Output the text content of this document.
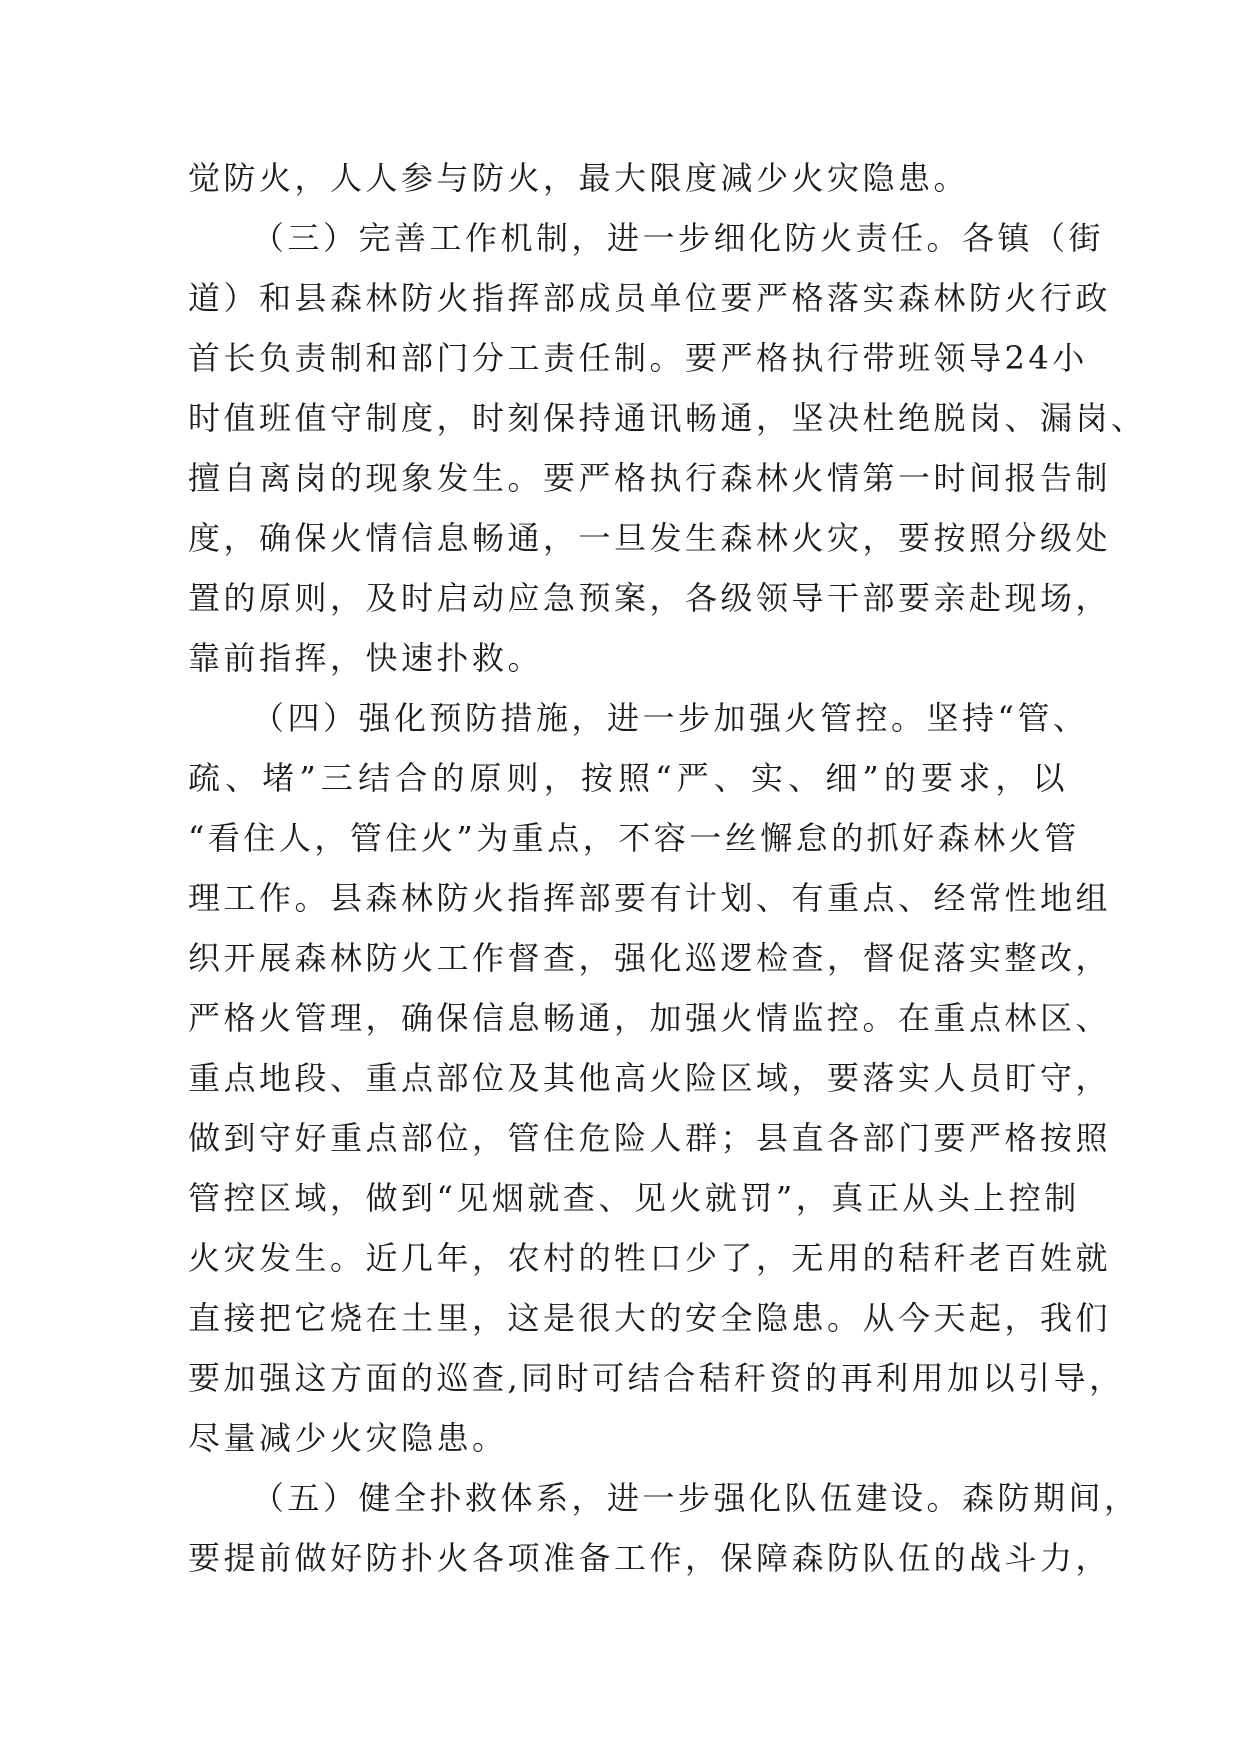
觉防火，人人参与防火，最大限度减少火灾隐患。
（三）完善工作机制，进一步细化防火责任。各镇（街
道）和县森林防火指挥部成员单位要严格落实森林防火行政
首长负责制和部门分工责任制。要严格执行带班领导24小
时值班值守制度，时刻保持通讯畅通，坚决杜绝脱岗、漏岗、
擅自离岗的现象发生。要严格执行森林火情第一时间报告制
度，确保火情信息畅通，一旦发生森林火灾，要按照分级处
置的原则，及时启动应急预案，各级领导干部要亲赴现场，
靠前指挥，快速扑救。
（四）强化预防措施，进一步加强火管控。坚持“管、
疏、堵”三结合的原则，按照“严、实、细”的要求，以
“看住人，管住火”为重点，不容一丝懈怠的抓好森林火管
理工作。县森林防火指挥部要有计划、有重点、经常性地组
织开展森林防火工作督查，强化巡逻检查，督促落实整改，
严格火管理，确保信息畅通，加强火情监控。在重点林区、
重点地段、重点部位及其他高火险区域，要落实人员盯守，
做到守好重点部位，管住危险人群；县直各部门要严格按照
管控区域，做到“见烟就查、见火就罚”，真正从头上控制
火灾发生。近几年，农村的牲口少了，无用的秸秆老百姓就
直接把它烧在土里，这是很大的安全隐患。从今天起，我们
要加强这方面的巡查,同时可结合秸秆资的再利用加以引导，
尽量减少火灾隐患。
（五）健全扑救体系，进一步强化队伍建设。森防期间，
要提前做好防扑火各项准备工作，保障森防队伍的战斗力，
